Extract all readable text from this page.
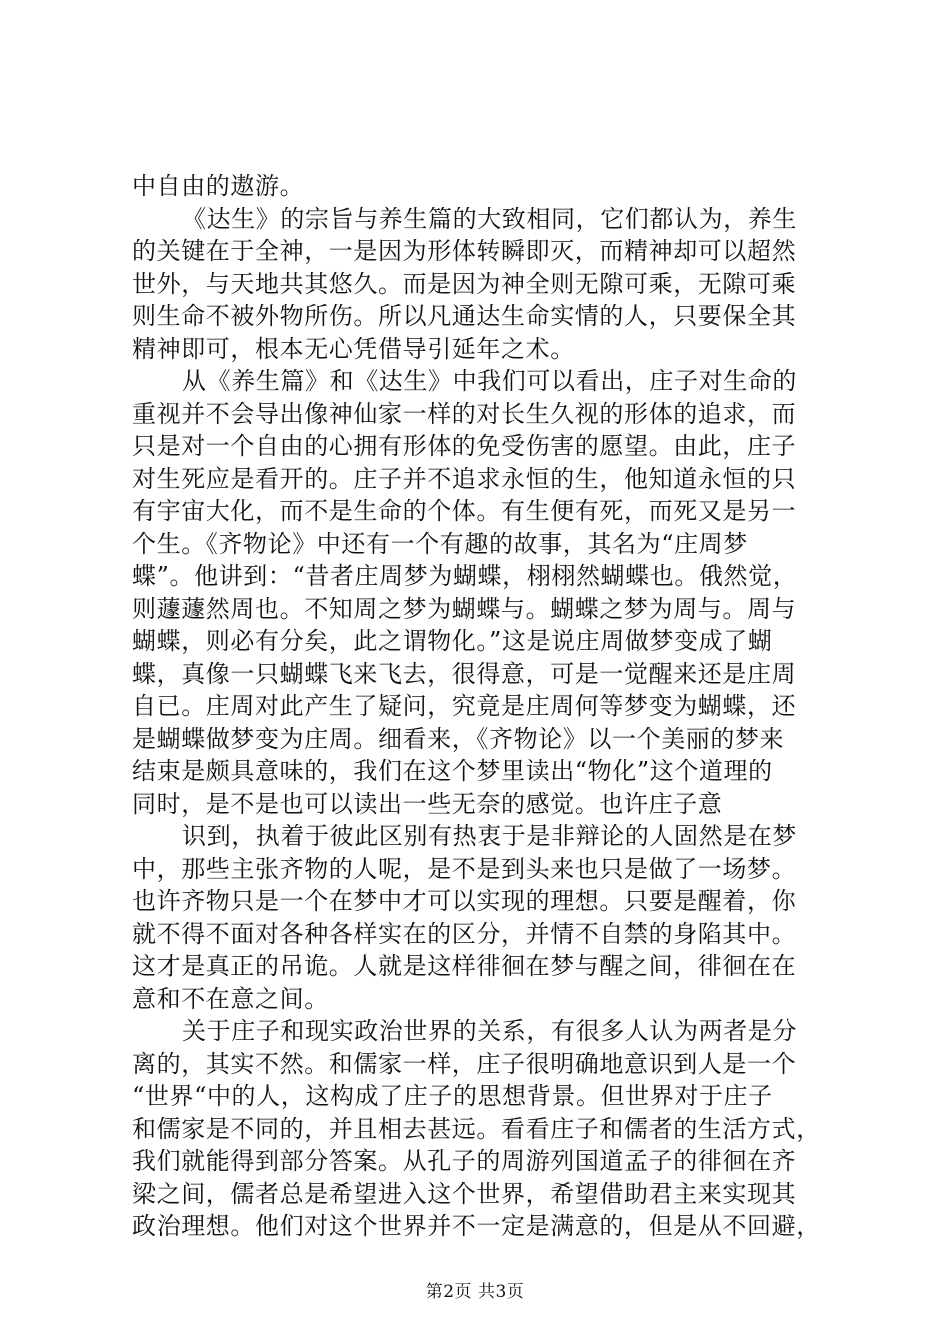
中自由的遨游。
《达生》的宗旨与养生篇的大致相同，它们都认为，养生
的关键在于全神，一是因为形体转瞬即灭，而精神却可以超然
世外，与天地共其悠久。而是因为神全则无隙可乘，无隙可乘
则生命不被外物所伤。所以凡通达生命实情的人，只要保全其
精神即可，根本无心凭借导引延年之术。
从《养生篇》和《达生》中我们可以看出，庄子对生命的
重视并不会导出像神仙家一样的对长生久视的形体的追求，而
只是对一个自由的心拥有形体的免受伤害的愿望。由此，庄子
对生死应是看开的。庄子并不追求永恒的生，他知道永恒的只
有宇宙大化，而不是生命的个体。有生便有死，而死又是另一
个生。《齐物论》中还有一个有趣的故事，其名为“庄周梦
蝶”。他讲到：“昔者庄周梦为蝴蝶，栩栩然蝴蝶也。俄然觉，
则蘧蘧然周也。不知周之梦为蝴蝶与。蝴蝶之梦为周与。周与
蝴蝶，则必有分矣，此之谓物化。”这是说庄周做梦变成了蝴
蝶，真像一只蝴蝶飞来飞去，很得意，可是一觉醒来还是庄周
自已。庄周对此产生了疑问，究竟是庄周何等梦变为蝴蝶，还
是蝴蝶做梦变为庄周。细看来，《齐物论》以一个美丽的梦来
结束是颇具意味的，我们在这个梦里读出“物化”这个道理的
同时，是不是也可以读出一些无奈的感觉。也许庄子意
识到，执着于彼此区别有热衷于是非辩论的人固然是在梦
中，那些主张齐物的人呢，是不是到头来也只是做了一场梦。
也许齐物只是一个在梦中才可以实现的理想。只要是醒着，你
就不得不面对各种各样实在的区分，并情不自禁的身陷其中。
这才是真正的吊诡。人就是这样徘徊在梦与醒之间，徘徊在在
意和不在意之间。
关于庄子和现实政治世界的关系，有很多人认为两者是分
离的，其实不然。和儒家一样，庄子很明确地意识到人是一个
“世界“中的人，这构成了庄子的思想背景。但世界对于庄子
和儒家是不同的，并且相去甚远。看看庄子和儒者的生活方式，
我们就能得到部分答案。从孔子的周游列国道孟子的徘徊在齐
梁之间，儒者总是希望进入这个世界，希望借助君主来实现其
政治理想。他们对这个世界并不一定是满意的，但是从不回避，
第2页 共3页
